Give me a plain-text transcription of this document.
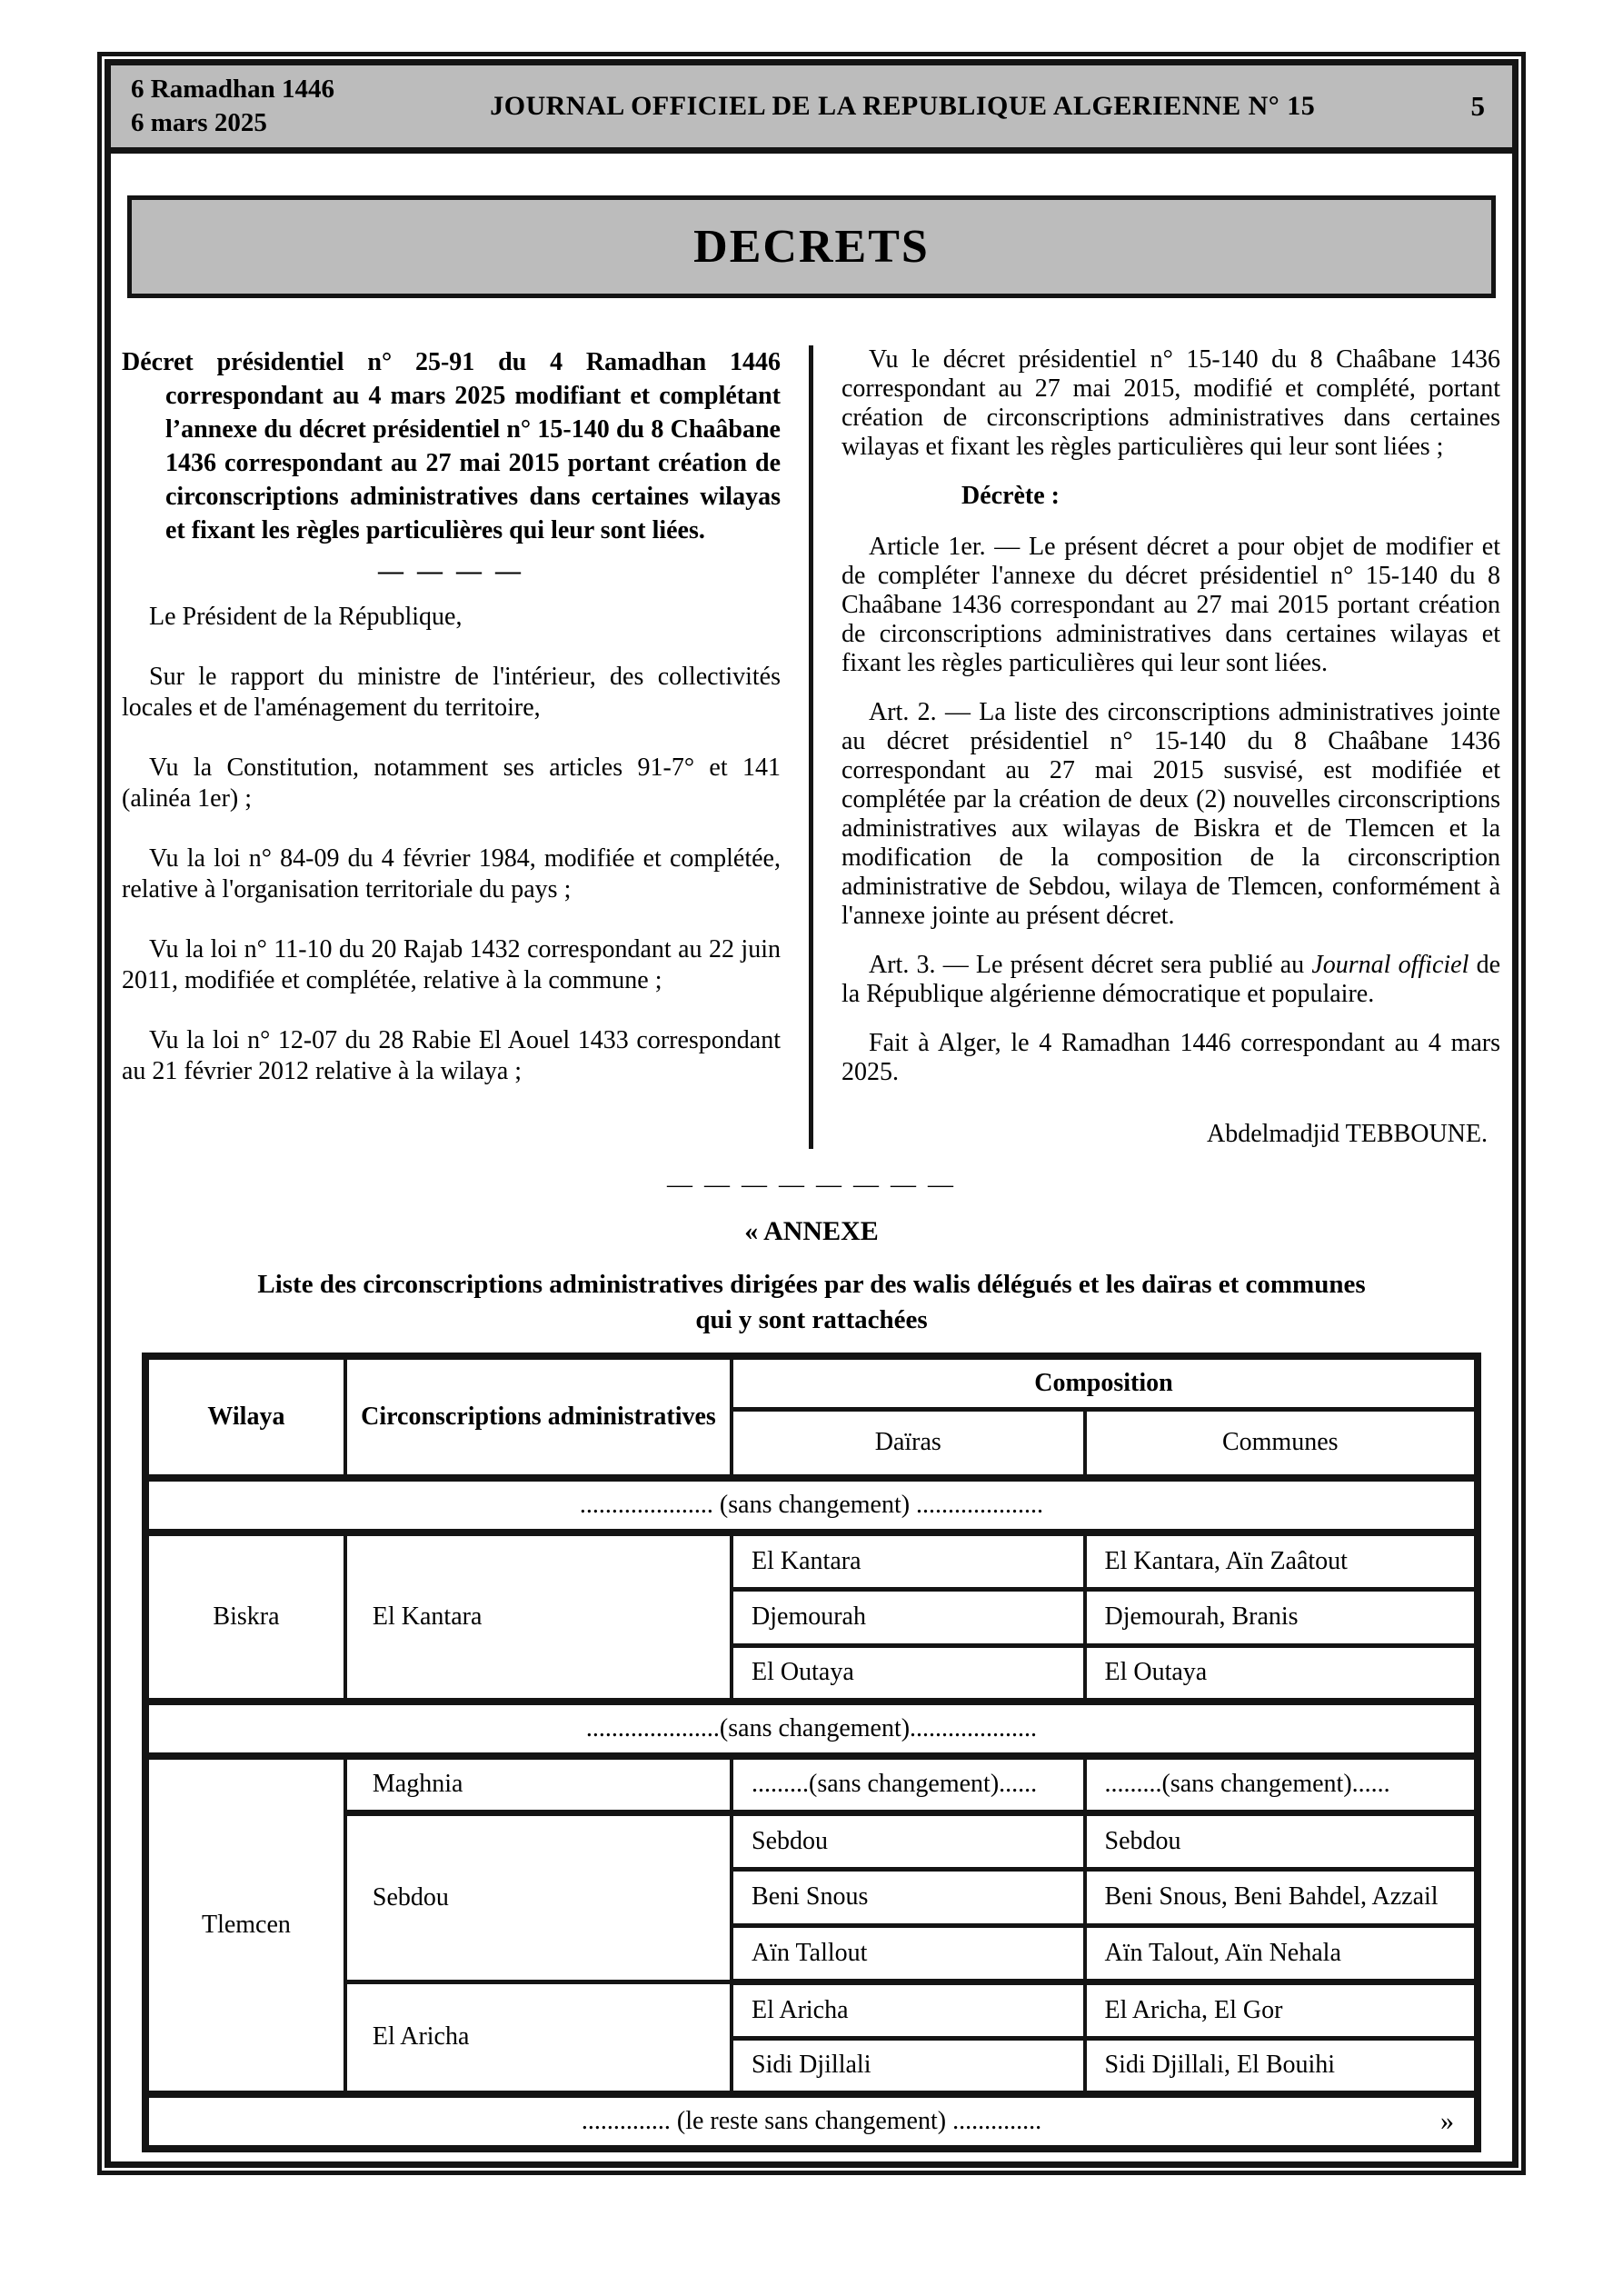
6 Ramadhan 1446
6 mars 2025
JOURNAL OFFICIEL DE LA REPUBLIQUE ALGERIENNE N° 15	5
DECRETS

Décret présidentiel n° 25-91 du 4 Ramadhan 1446 correspondant au 4 mars 2025 modifiant et complétant l’annexe du décret présidentiel n° 15-140 du 8 Chaâbane 1436 correspondant au 27 mai 2015 portant création de circonscriptions administratives dans certaines wilayas et fixant les règles particulières qui leur sont liées.

— — — —

Le Président de la République,

Sur le rapport du ministre de l'intérieur, des collectivités locales et de l'aménagement du territoire,

Vu la Constitution, notamment ses articles 91-7° et 141 (alinéa 1er) ;

Vu la loi n° 84-09 du 4 février 1984, modifiée et complétée, relative à l'organisation territoriale du pays ;

Vu la loi n° 11-10 du 20 Rajab 1432 correspondant au 22 juin 2011, modifiée et complétée, relative à la commune ;

Vu la loi n° 12-07 du 28 Rabie El Aouel 1433 correspondant au 21 février 2012 relative à la wilaya ;

Vu le décret présidentiel n° 15-140 du 8 Chaâbane 1436 correspondant au 27 mai 2015, modifié et complété, portant création de circonscriptions administratives dans certaines wilayas et fixant les règles particulières qui leur sont liées ;

Décrète :

Article 1er. — Le présent décret a pour objet de modifier et de compléter l'annexe du décret présidentiel n° 15-140 du 8 Chaâbane 1436 correspondant au 27 mai 2015 portant création de circonscriptions administratives dans certaines wilayas et fixant les règles particulières qui leur sont liées.

Art. 2. — La liste des circonscriptions administratives jointe au décret présidentiel n° 15-140 du 8 Chaâbane 1436 correspondant au 27 mai 2015 susvisé, est modifiée et complétée par la création de deux (2) nouvelles circonscriptions administratives aux wilayas de Biskra et de Tlemcen et la modification de la composition de la circonscription administrative de Sebdou, wilaya de Tlemcen, conformément à l'annexe jointe au présent décret.

Art. 3. — Le présent décret sera publié au Journal officiel de la République algérienne démocratique et populaire.

Fait à Alger, le 4 Ramadhan 1446 correspondant au 4 mars 2025.

Abdelmadjid TEBBOUNE.

— — — — — — — —
« ANNEXE
Liste des circonscriptions administratives dirigées par des walis délégués et les daïras et communes
qui y sont rattachées
Wilaya	Circonscriptions administratives	Composition	
		Daïras	Communes
..................... (sans changement) ....................			
Biskra	El Kantara	El Kantara	El Kantara, Aïn Zaâtout
		Djemourah	Djemourah, Branis
		El Outaya	El Outaya
.....................(sans changement)....................			
Tlemcen	Maghnia	.........(sans changement)......	.........(sans changement)......
	Sebdou	Sebdou	Sebdou
		Beni Snous	Beni Snous, Beni Bahdel, Azzail
		Aïn Tallout	Aïn Talout, Aïn Nehala
	El Aricha	El Aricha	El Aricha, El Gor
		Sidi Djillali	Sidi Djillali, El Bouihi
.............. (le reste sans changement) .............. »			
